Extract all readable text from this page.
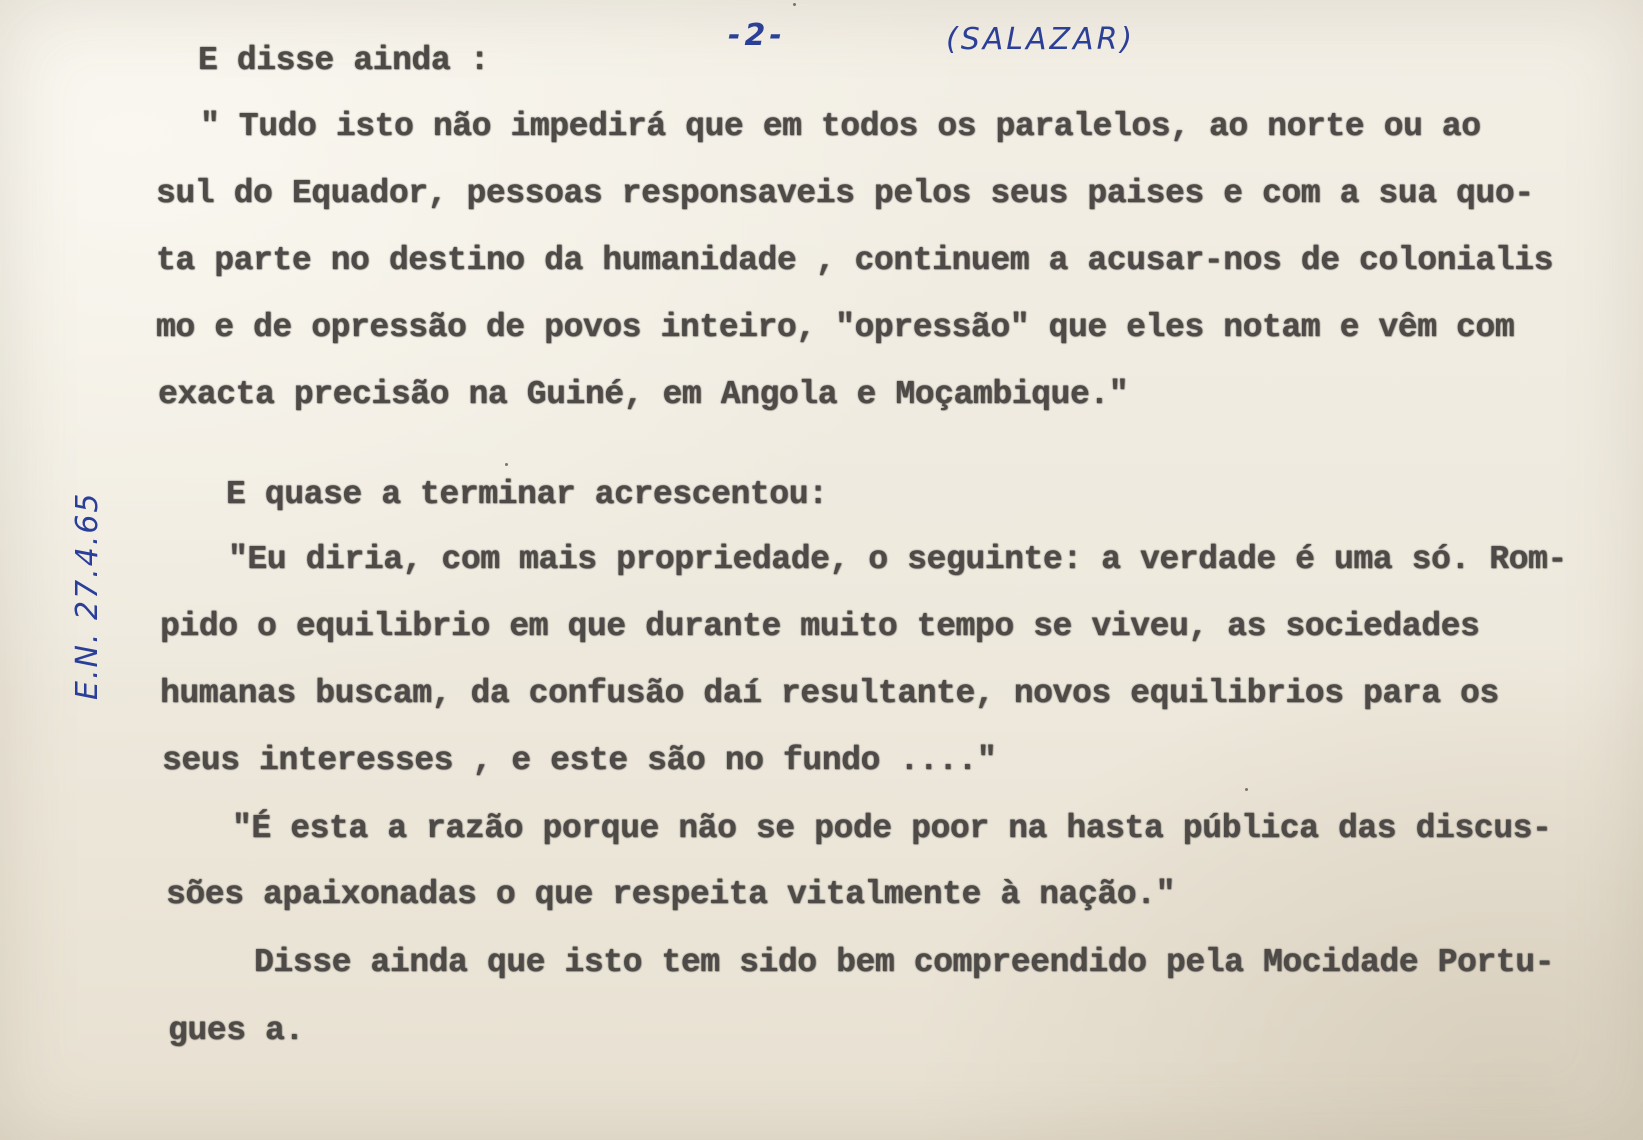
-2-	(SALAZAR)
E.N. 27.4.65

E disse ainda :

" Tudo isto não impedirá que em todos os paralelos, ao norte ou ao

sul do Equador, pessoas responsaveis pelos seus paises e com a sua quo-

ta parte no destino da humanidade , continuem a acusar-nos de colonialis

mo e de opressão de povos inteiro, "opressão" que eles notam e vêm com

exacta precisão na Guiné, em Angola e Moçambique."

E quase a terminar acrescentou:

"Eu diria, com mais propriedade, o seguinte: a verdade é uma só. Rom-

pido o equilibrio em que durante muito tempo se viveu, as sociedades

humanas buscam, da confusão daí resultante, novos equilibrios para os

seus interesses , e este são no fundo ...."

"É esta a razão porque não se pode poor na hasta pública das discus-

sões apaixonadas o que respeita vitalmente à nação."

Disse ainda que isto tem sido bem compreendido pela Mocidade Portu-

gues a.
